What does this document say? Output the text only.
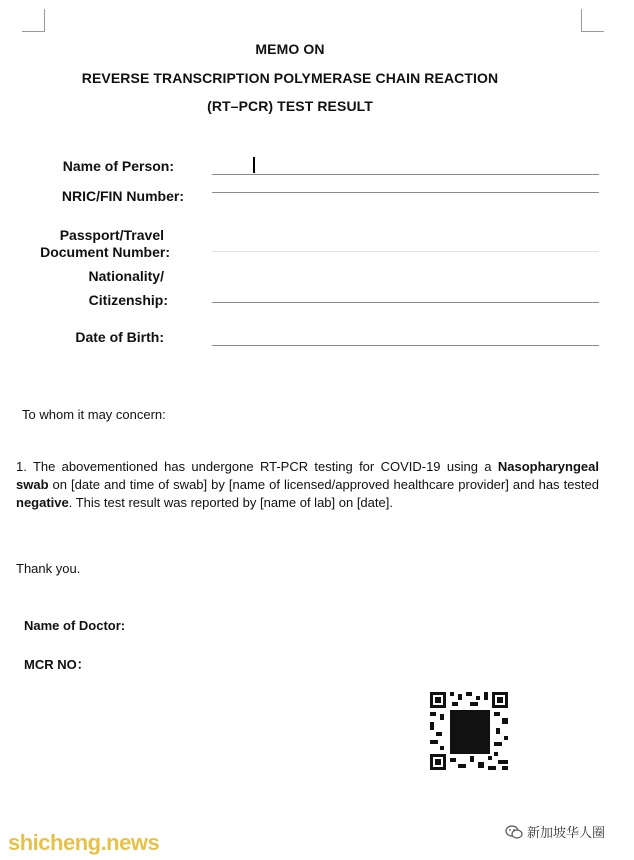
MEMO ON
REVERSE TRANSCRIPTION POLYMERASE CHAIN REACTION
(RT–PCR) TEST RESULT
Name of Person:
NRIC/FIN Number:
Passport/Travel
Document Number:
Nationality/
Citizenship:
Date of Birth:
To whom it may concern:
1. The abovementioned has undergone RT-PCR testing for COVID-19 using a Nasopharyngeal swab on [date and time of swab] by [name of licensed/approved healthcare provider] and has tested negative. This test result was reported by [name of lab] on [date].
Thank you.
Name of Doctor:
MCR NO：
shicheng.news	新加坡华人圈
